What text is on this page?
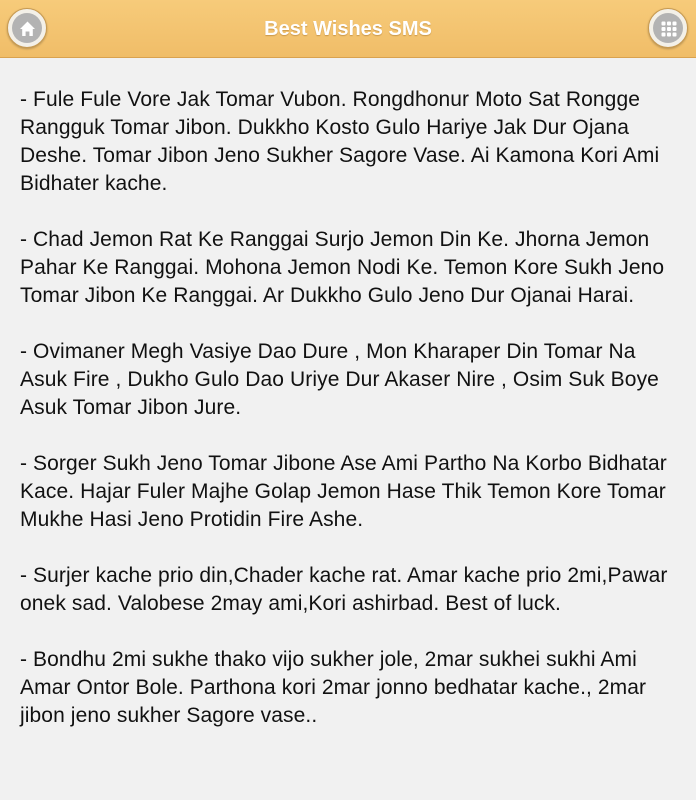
Best Wishes SMS

- Fule Fule Vore Jak Tomar Vubon. Rongdhonur Moto Sat Rongge Rangguk Tomar Jibon. Dukkho Kosto Gulo Hariye Jak Dur Ojana Deshe. Tomar Jibon Jeno Sukher Sagore Vase. Ai Kamona Kori Ami Bidhater kache.

- Chad Jemon Rat Ke Ranggai Surjo Jemon Din Ke. Jhorna Jemon Pahar Ke Ranggai. Mohona Jemon Nodi Ke. Temon Kore Sukh Jeno Tomar Jibon Ke Ranggai. Ar Dukkho Gulo Jeno Dur Ojanai Harai.

- Ovimaner Megh Vasiye Dao Dure , Mon Kharaper Din Tomar Na Asuk Fire , Dukho Gulo Dao Uriye Dur Akaser Nire , Osim Suk Boye Asuk Tomar Jibon Jure.

- Sorger Sukh Jeno Tomar Jibone Ase Ami Partho Na Korbo Bidhatar Kace. Hajar Fuler Majhe Golap Jemon Hase Thik Temon Kore Tomar Mukhe Hasi Jeno Protidin Fire Ashe.

- Surjer kache prio din,Chader kache rat. Amar kache prio 2mi,Pawar onek sad. Valobese 2may ami,Kori ashirbad. Best of luck.

- Bondhu 2mi sukhe thako vijo sukher jole, 2mar sukhei sukhi Ami Amar Ontor Bole. Parthona kori 2mar jonno bedhatar kache., 2mar jibon jeno sukher Sagore vase..
